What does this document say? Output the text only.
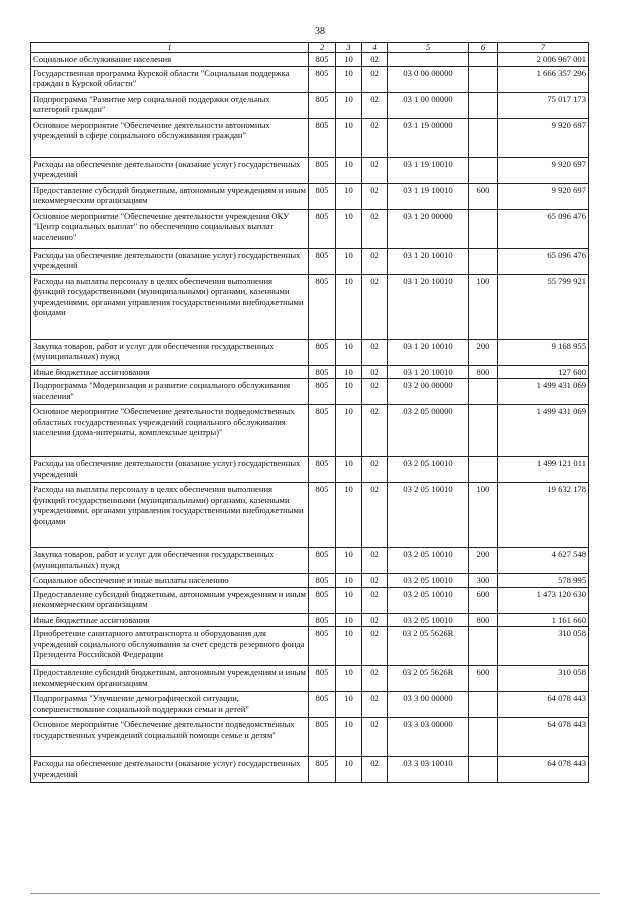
38
1	2	3	4	5	6	7
Социальное обслуживание населения	805	10	02			2 006 967 001
Государственная программа Курской области "Социальная поддержка граждан в Курской области"	805	10	02	03 0 00 00000		1 666 357 296
Подпрограмма "Развитие мер социальной поддержки отдельных категорий граждан"	805	10	02	03 1 00 00000		75 017 173
Основное мероприятие "Обеспечение деятельности автономных учреждений в сфере социального обслуживания граждан"	805	10	02	03 1 19 00000		9 920 697
Расходы на обеспечение деятельности (оказание услуг) государственных учреждений	805	10	02	03 1 19 10010		9 920 697
Предоставление субсидий бюджетным, автономным учреждениям и иным некоммерческим организациям	805	10	02	03 1 19 10010	600	9 920 697
Основное мероприятие "Обеспечение деятельности учреждения ОКУ "Центр социальных выплат" по обеспечению социальных выплат населению"	805	10	02	03 1 20 00000		65 096 476
Расходы на обеспечение деятельности (оказание услуг) государственных учреждений	805	10	02	03 1 20 10010		65 096 476
Расходы на выплаты персоналу в целях обеспечения выполнения функций государственными (муниципальными) органами, казенными учреждениями, органами управления государственными внебюджетными фондами	805	10	02	03 1 20 10010	100	55 799 921
Закупка товаров, работ и услуг для обеспечения государственных (муниципальных) нужд	805	10	02	03 1 20 10010	200	9 168 955
Иные бюджетные ассигнования	805	10	02	03 1 20 10010	800	127 600
Подпрограмма "Модернизация и развитие социального обслуживания населения"	805	10	02	03 2 00 00000		1 499 431 069
Основное мероприятие "Обеспечение деятельности подведомственных областных государственных учреждений социального обслуживания населения (дома-интернаты, комплексные центры)"	805	10	02	03 2 05 00000		1 499 431 069
Расходы на обеспечение деятельности (оказание услуг) государственных учреждений	805	10	02	03 2 05 10010		1 499 121 011
Расходы на выплаты персоналу в целях обеспечения выполнения функций государственными (муниципальными) органами, казенными учреждениями, органами управления государственными внебюджетными фондами	805	10	02	03 2 05 10010	100	19 632 178
Закупка товаров, работ и услуг для обеспечения государственных (муниципальных) нужд	805	10	02	03 2 05 10010	200	4 627 548
Социальное обеспечение и иные выплаты населению	805	10	02	03 2 05 10010	300	578 995
Предоставление субсидий бюджетным, автономным учреждениям и иным некоммерческим организациям	805	10	02	03 2 05 10010	600	1 473 120 630
Иные бюджетные ассигнования	805	10	02	03 2 05 10010	800	1 161 660
Приобретение санитарного автотранспорта и оборудования для учреждений социального обслуживания за счет средств резервного фонда Президента Российской Федерации	805	10	02	03 2 05 5626R		310 058
Предоставление субсидий бюджетным, автономным учреждениям и иным некоммерческим организациям	805	10	02	03 2 05 5626R	600	310 058
Подпрограмма "Улучшение демографической ситуации, совершенствование социальной поддержки семьи и детей"	805	10	02	03 3 00 00000		64 078 443
Основное мероприятие "Обеспечение деятельности подведомственных государственных учреждений социальной помощи семье и детям"	805	10	02	03 3 03 00000		64 078 443
Расходы на обеспечение деятельности (оказание услуг) государственных учреждений	805	10	02	03 3 03 10010		64 078 443
